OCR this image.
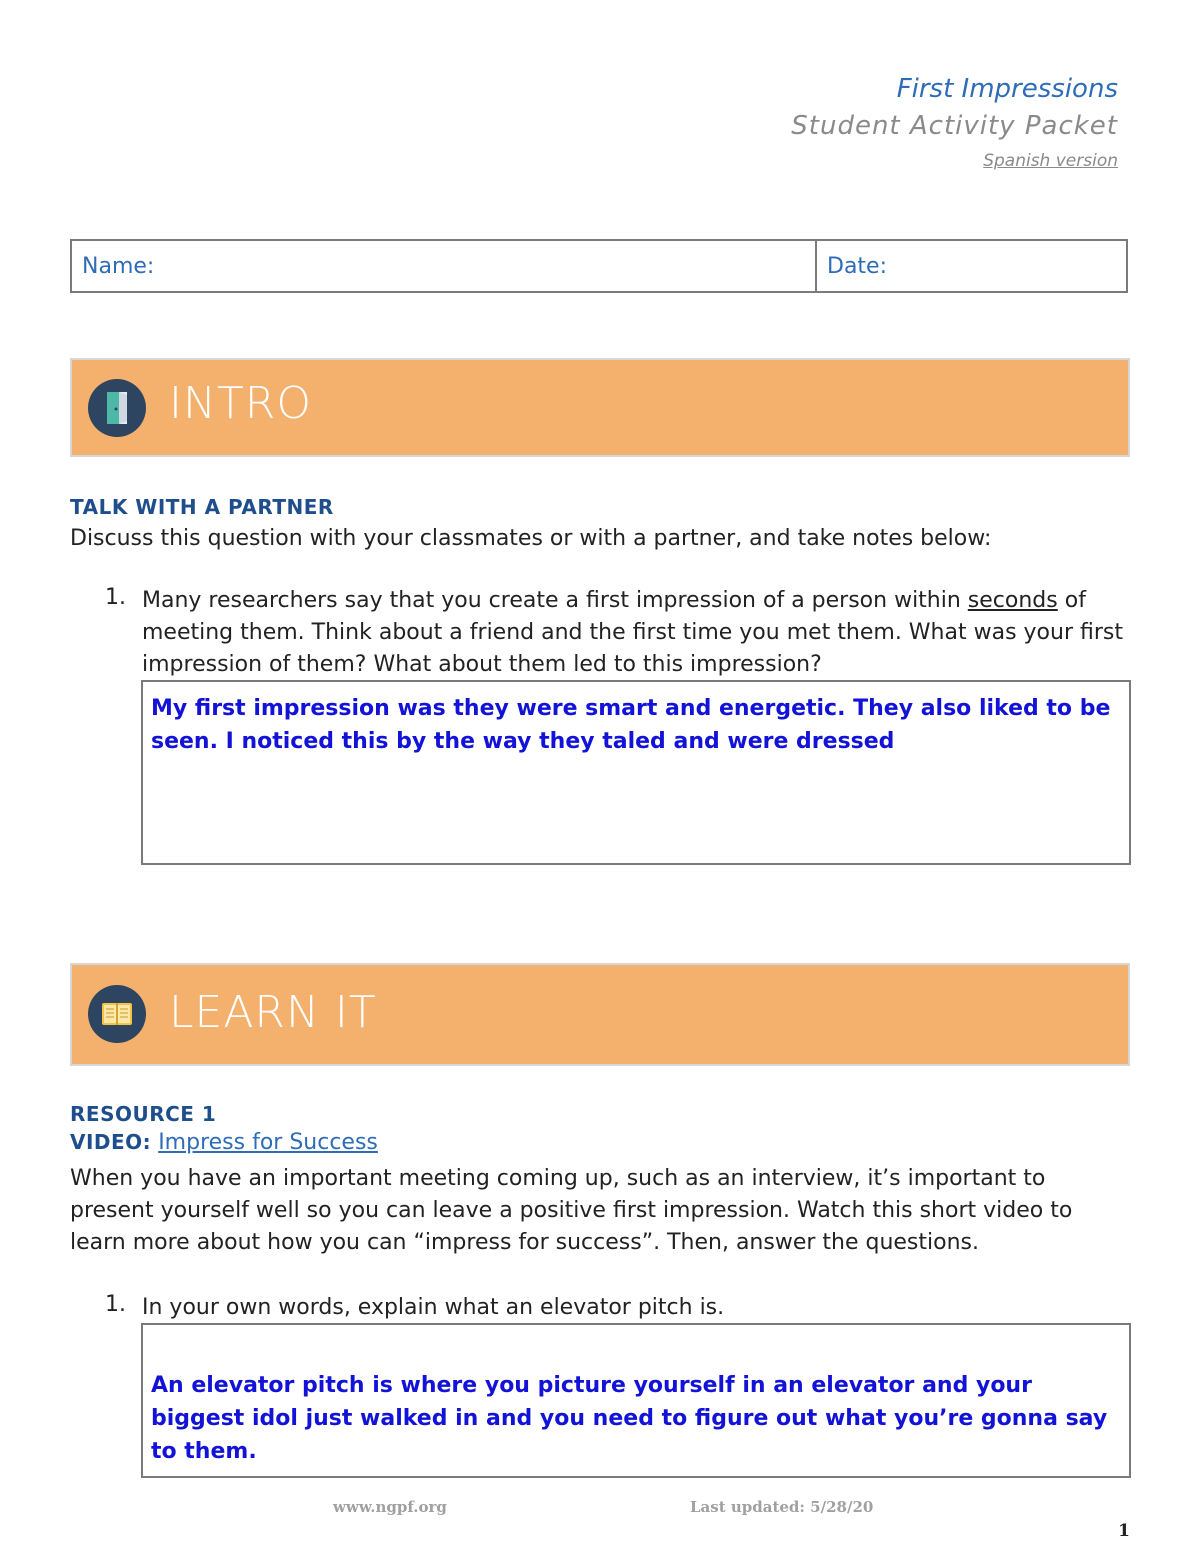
First Impressions
Student Activity Packet
Spanish version
Name:	Date:
INTRO
TALK WITH A PARTNER
Discuss this question with your classmates or with a partner, and take notes below:
1. Many researchers say that you create a first impression of a person within seconds of meeting them. Think about a friend and the first time you met them. What was your first impression of them? What about them led to this impression?
My first impression was they were smart and energetic. They also liked to be seen. I noticed this by the way they taled and were dressed
LEARN IT
RESOURCE 1
VIDEO: Impress for Success
When you have an important meeting coming up, such as an interview, it’s important to present yourself well so you can leave a positive first impression. Watch this short video to learn more about how you can “impress for success”. Then, answer the questions.
1. In your own words, explain what an elevator pitch is.
An elevator pitch is where you picture yourself in an elevator and your biggest idol just walked in and you need to figure out what you’re gonna say to them.
www.ngpf.org	Last updated: 5/28/20
1
